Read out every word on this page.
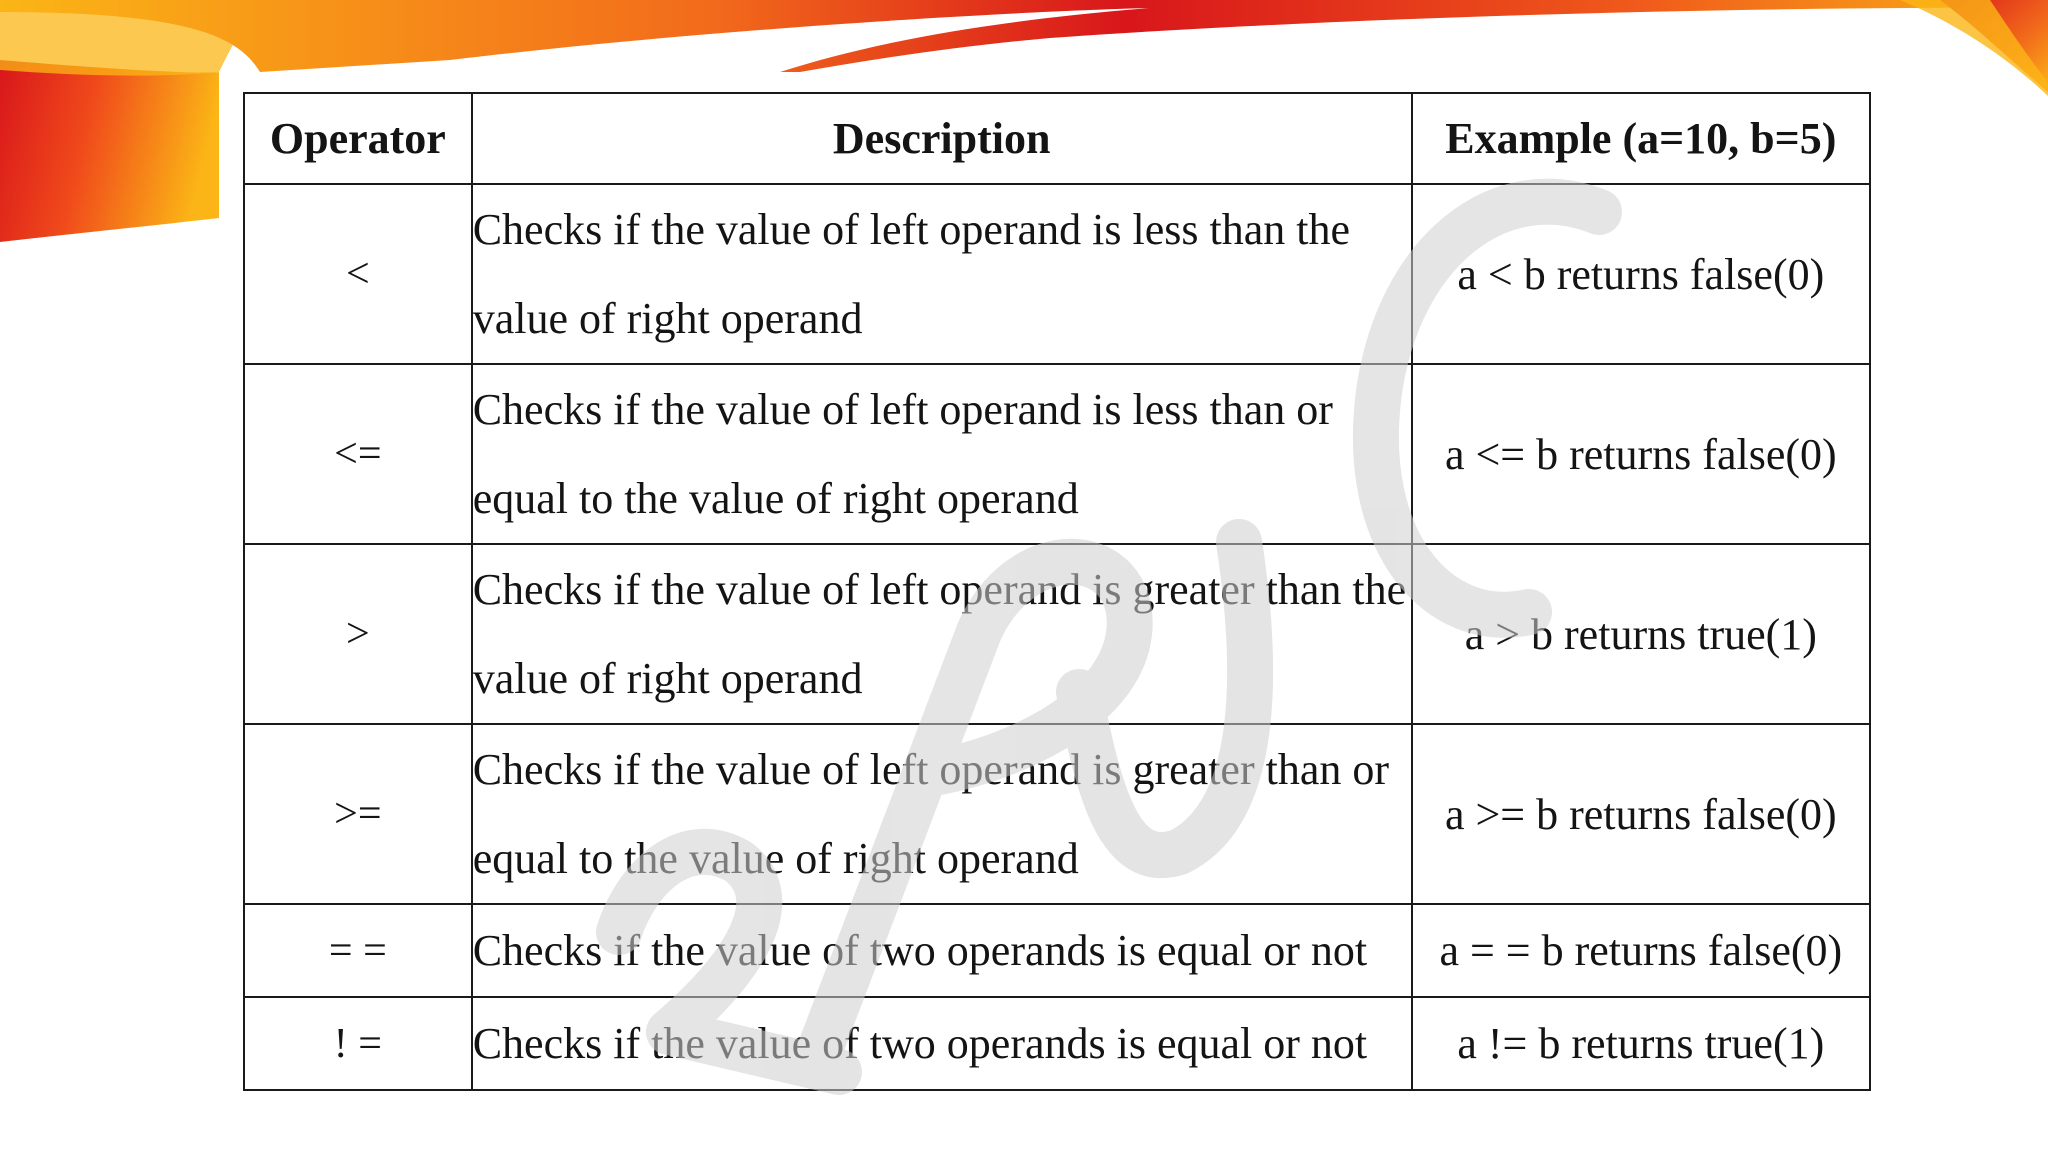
Operator	Description	Example (a=10, b=5)
<	Checks if the value of left operand is less than the value of right operand	a < b returns false(0)
<=	Checks if the value of left operand is less than or equal to the value of right operand	a <= b returns false(0)
>	Checks if the value of left operand is greater than the value of right operand	a > b returns true(1)
>=	Checks if the value of left operand is greater than or equal to the value of right operand	a >= b returns false(0)
= =	Checks if the value of two operands is equal or not	a = = b returns false(0)
! =	Checks if the value of two operands is equal or not	a != b returns true(1)
